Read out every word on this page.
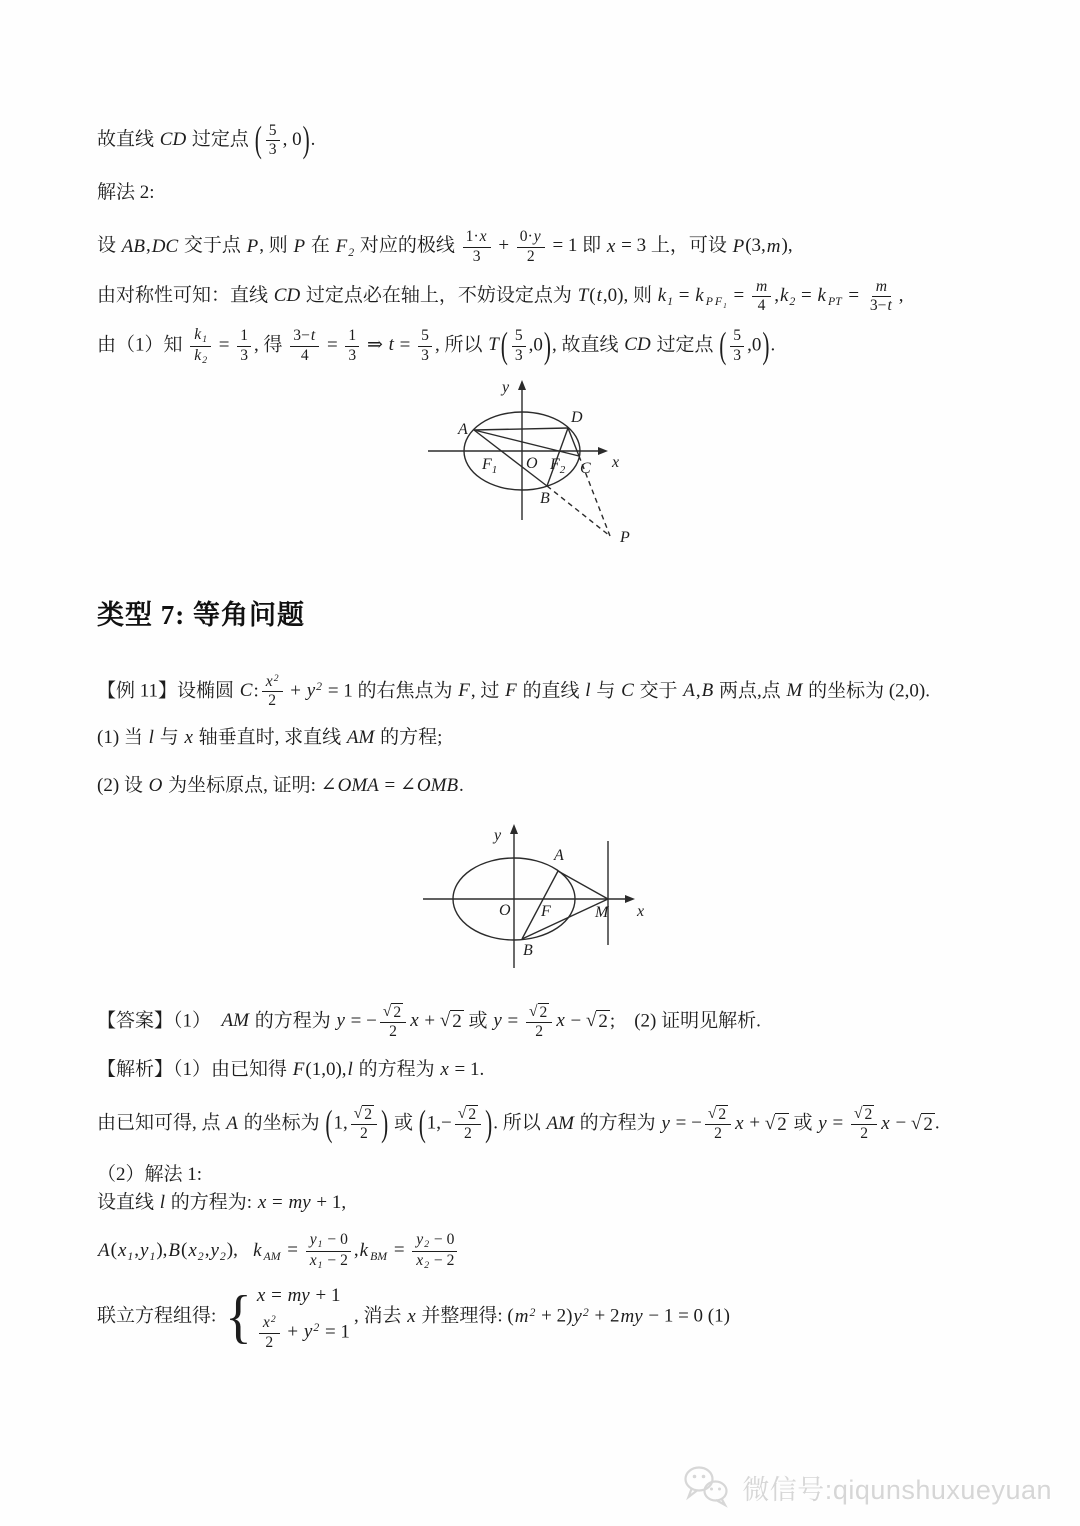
故直线 CD 过定点 ( $\frac{5}{3}$ , 0).

解法 2:

设 AB,DC 交于点 P, 则 P 在 $F_2$ 对应的极线 $\frac{1\cdot x}{3} + \frac{0\cdot y}{2} = 1$ 即 x = 3 上，可设 P(3,m),

由对称性可知：直线 CD 过定点必在轴上，不妨设定点为 T(t,0), 则 $k_1 = k$ $_{P F_1} = \frac{m}{4} ,k_2 = k$ $_{PT} = \frac{m}{3-t}$ ,

由（1）知 $\frac{k_1}{k_2} = \frac{1}{3}$ , 得 $\frac{3-t}{4} = \frac{1}{3}$ ⇒ $t = \frac{5}{3}$ , 所以 $T( \frac{5}{3} ,0)$, 故直线 CD 过定点 ( $\frac{5}{3} ,0$).

A
D
$F_1$ O $F_2$ C
B
P
x
y
类型 7: 等角问题

【例 11】设椭圆 C: $\frac{x^2}{2} + y^2 = 1$ 的右焦点为 F, 过 F 的直线 l 与 C 交于 A,B 两点,点 M 的坐标为 (2,0).

(1) 当 l 与 x 轴垂直时, 求直线 AM 的方程;

(2) 设 O 为坐标原点, 证明: ∠OMA = ∠OMB.

A
O F	M
B
x
y

【答案】（1）  AM 的方程为 y = − $\frac{√ 2}{2}$ x + √ 2 或 $y = \frac{√ 2}{2}$ x − √ 2 ;    (2) 证明见解析.

【解析】（1）由已知得 F(1,0),l 的方程为 x = 1.

由已知可得, 点 A 的坐标为 (1, $\frac{√ 2}{2}$ ) 或 ($1,- \frac{√ 2}{2}$ ). 所以 AM 的方程为 y = − $\frac{√ 2}{2}$ x + √ 2 或 $y = \frac{√ 2}{2}$ x − √ 2 .

（2）解法 1:

设直线 l 的方程为: x = my + 1,

$A(x_1,y_1),B(x_2,y_2)$,   k $_{AM} = \frac{y_1 - 0}{x_1 - 2} ,k$ $_{BM} = \frac{y_2 - 0}{x_2 - 2}$

联立方程组得: { x = my + 1
$\frac{x^2}{2} + y^2 = 1$
, 消去 x 并整理得: $(m^2 + 2)y^2 + 2my - 1 = 0$ (1)

微信号:qiqunshuxueyuan
